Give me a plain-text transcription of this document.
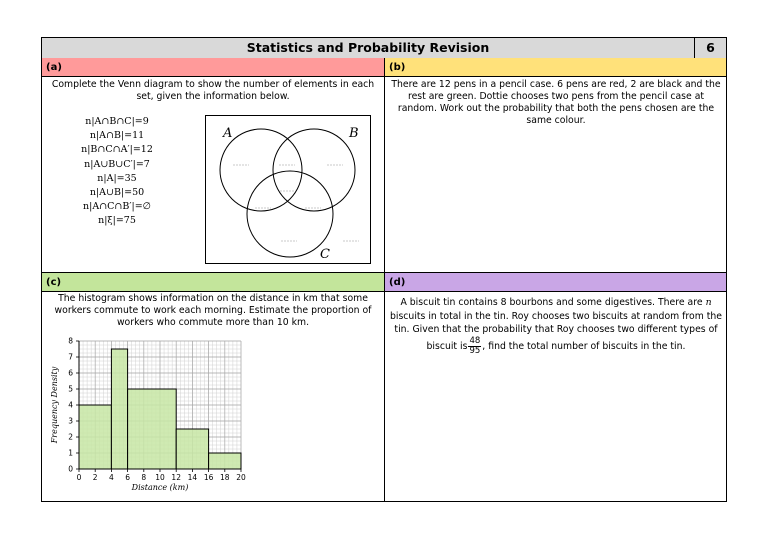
Statistics and Probability Revision	6
(a)
Complete the Venn diagram to show the number of elements in each set, given the information below.
n|A∩B∩C|=9
n|A∩B|=11
n|B∩C∩A′|=12
n|A∪B∪C′|=7
n|A|=35
n|A∪B|=50
n|A∩C∩B′|=∅
n|ξ|=75
A	B
C
(b)
There are 12 pens in a pencil case. 6 pens are red, 2 are black and the rest are green. Dottie chooses two pens from the pencil case at random. Work out the probability that both the pens chosen are the same colour.
(c)
The histogram shows information on the distance in km that some workers commute to work each morning. Estimate the proportion of workers who commute more than 10 km.
0 2 4 6 8 10 12 14 16 18 20
0
1
2
3
4
5
6
7
8
Distance (km)
Frequency Density
(d)
A biscuit tin contains 8 bourbons and some digestives. There are n biscuits in total in the tin. Roy chooses two biscuits at random from the tin. Given that the probability that Roy chooses two different types of biscuit is $\frac{48}{95}$ , find the total number of biscuits in the tin.
